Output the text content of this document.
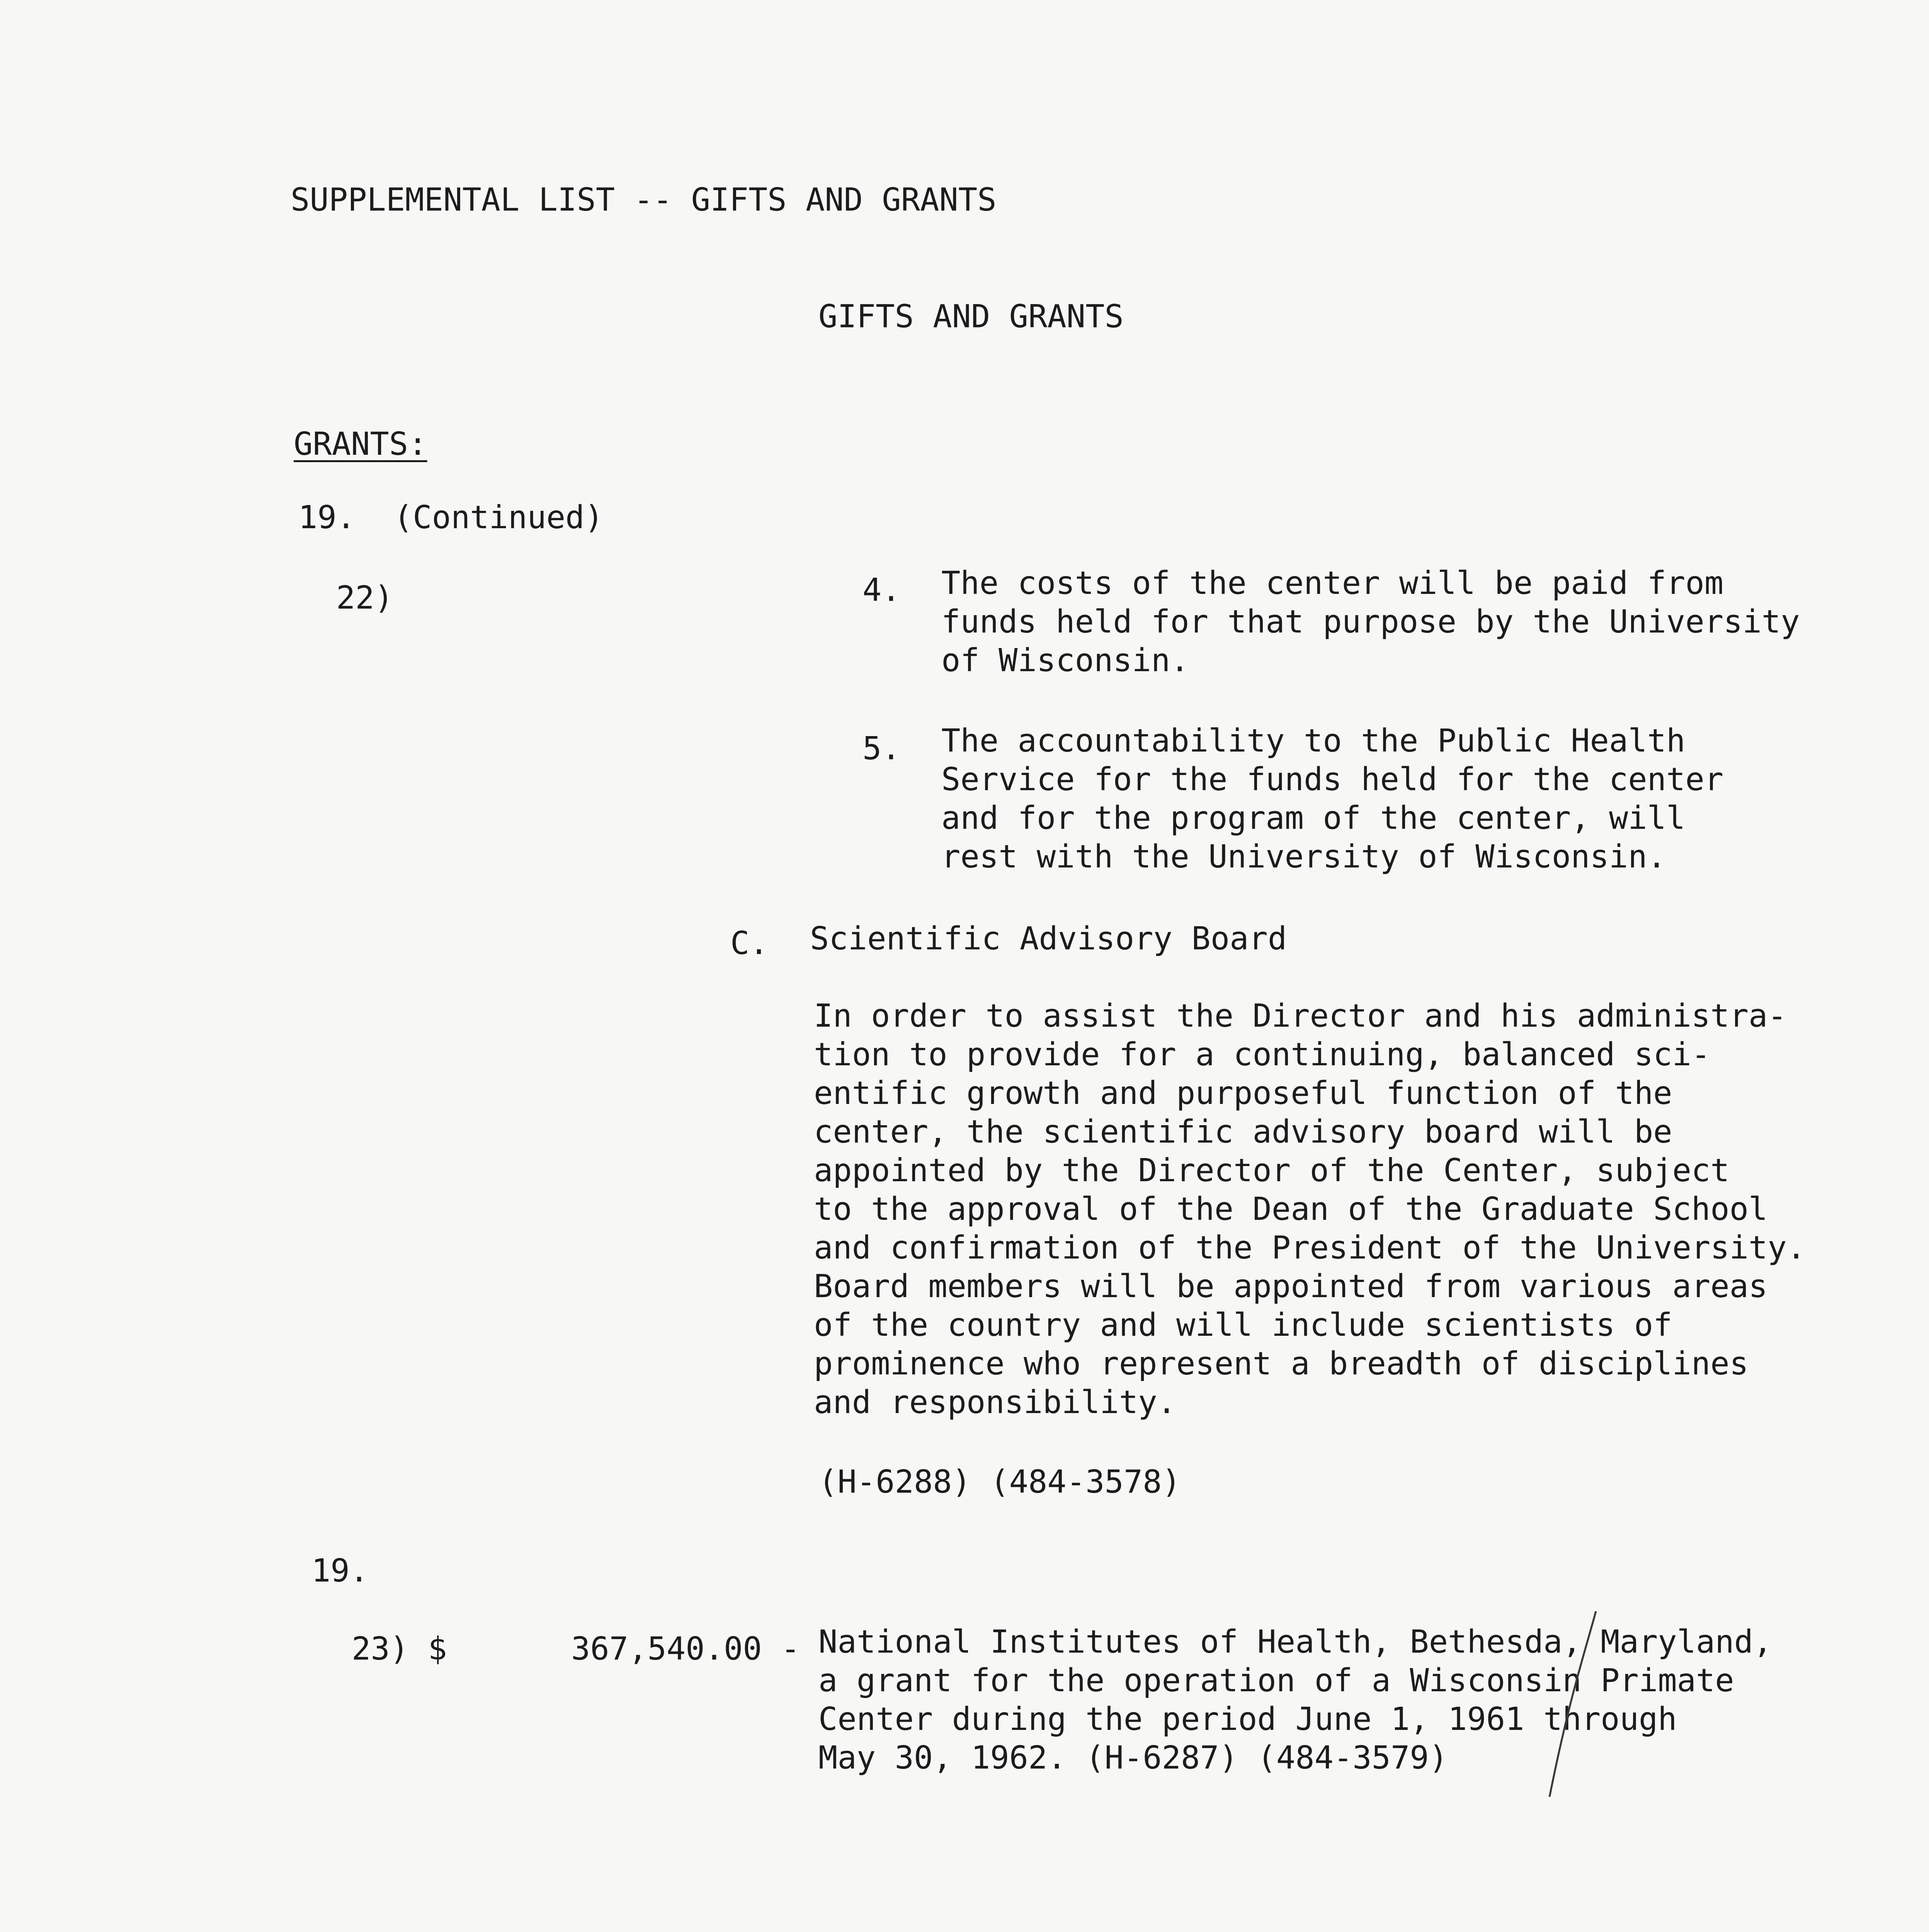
SUPPLEMENTAL LIST -- GIFTS AND GRANTS
GIFTS AND GRANTS
GRANTS:
19.  (Continued)
22)	4. The costs of the center will be paid from
funds held for that purpose by the University
of Wisconsin.
5. The accountability to the Public Health
Service for the funds held for the center
and for the program of the center, will
rest with the University of Wisconsin.
C. Scientific Advisory Board
In order to assist the Director and his administra-
tion to provide for a continuing, balanced sci-
entific growth and purposeful function of the
center, the scientific advisory board will be
appointed by the Director of the Center, subject
to the approval of the Dean of the Graduate School
and confirmation of the President of the University.
Board members will be appointed from various areas
of the country and will include scientists of
prominence who represent a breadth of disciplines
and responsibility.
(H-6288) (484-3578)
19.
23) $	367,540.00 - National Institutes of Health, Bethesda, Maryland,
a grant for the operation of a Wisconsin Primate
Center during the period June 1, 1961 through
May 30, 1962. (H-6287) (484-3579)
